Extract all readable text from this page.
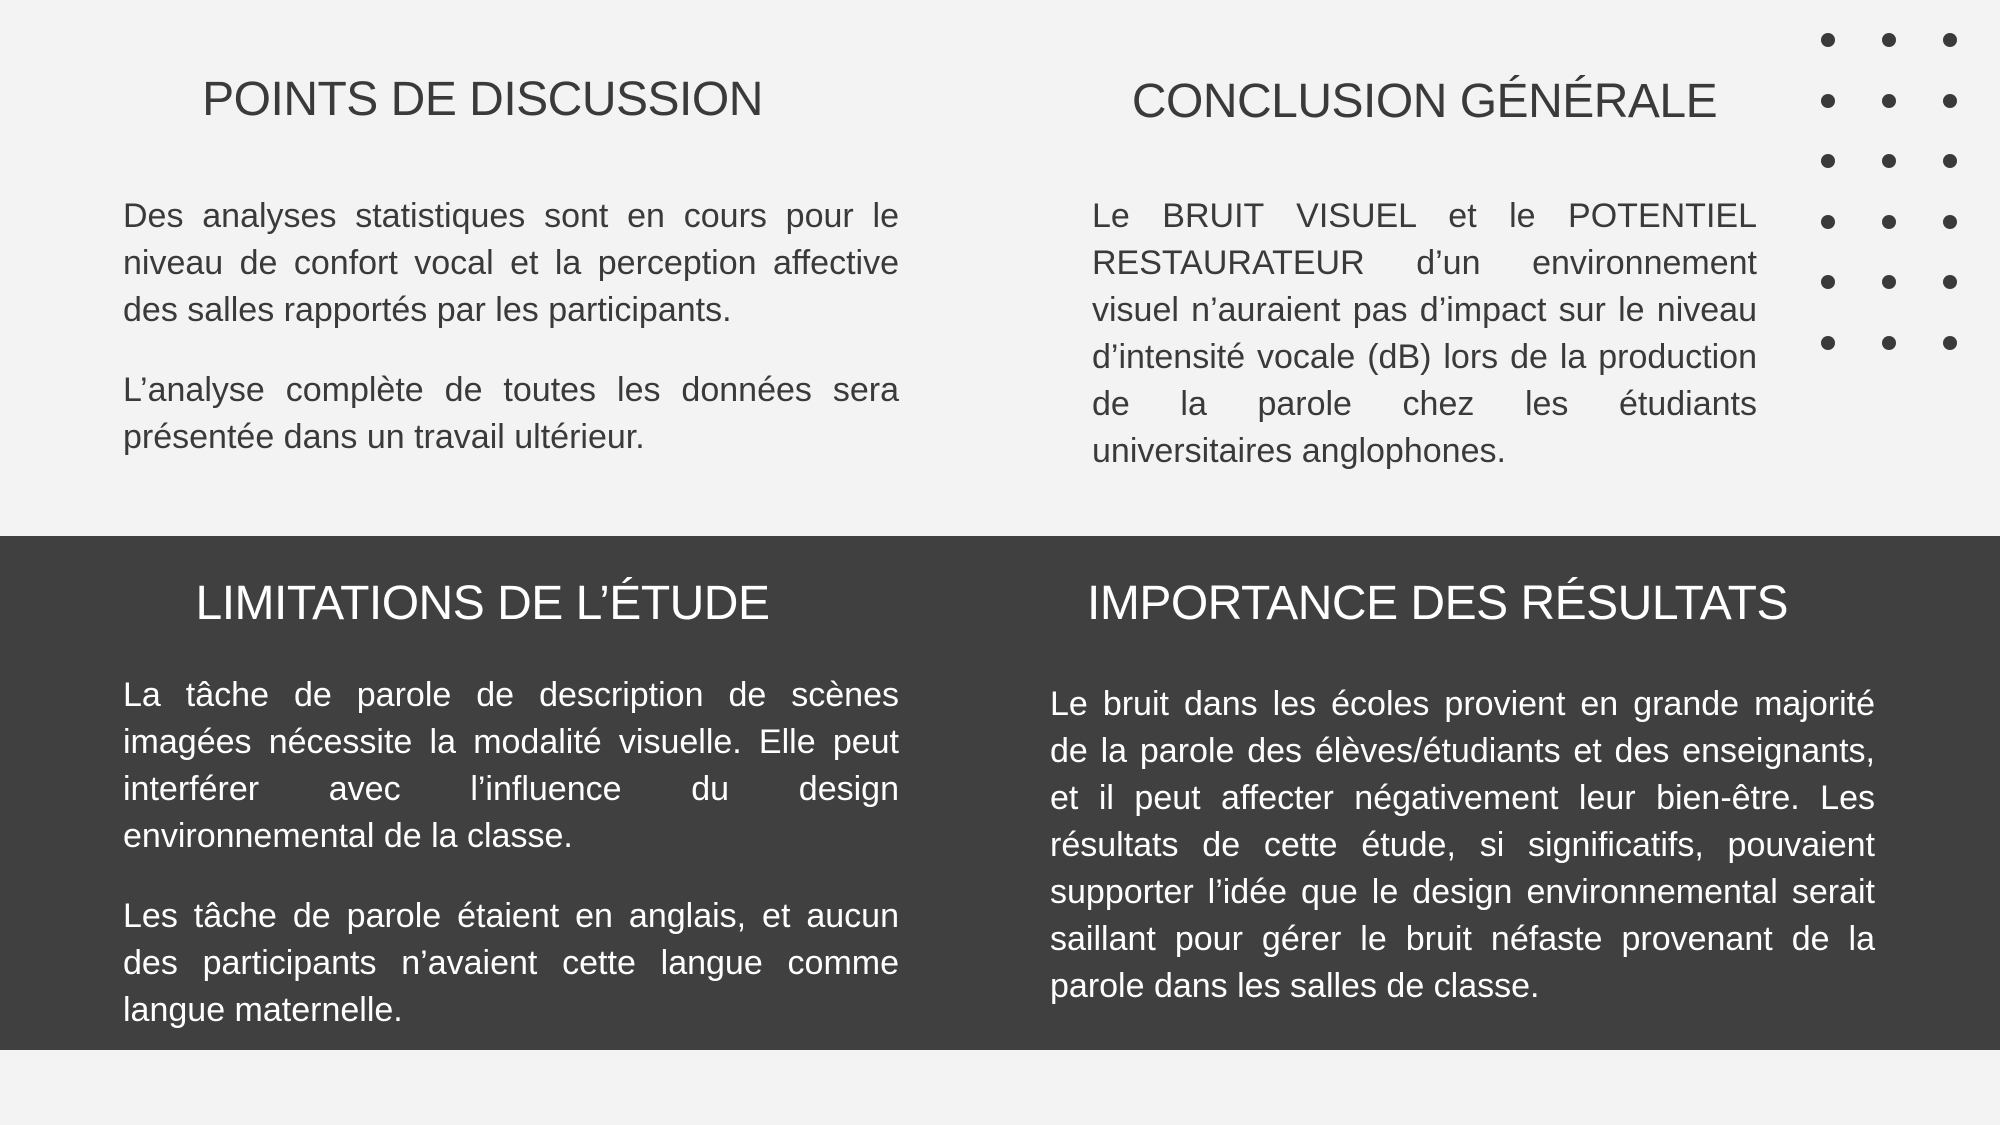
POINTS DE DISCUSSION

Des analyses statistiques sont en cours pour le niveau de confort vocal et la perception affective des salles rapportés par les participants.

L’analyse complète de toutes les données sera présentée dans un travail ultérieur.

CONCLUSION GÉNÉRALE

Le BRUIT VISUEL et le POTENTIEL RESTAURATEUR d’un environnement visuel n’auraient pas d’impact sur le niveau d’intensité vocale (dB) lors de la production de la parole chez les étudiants universitaires anglophones.

LIMITATIONS DE L’ÉTUDE

La tâche de parole de description de scènes imagées nécessite la modalité visuelle. Elle peut interférer avec l’influence du design environnemental de la classe.

Les tâche de parole étaient en anglais, et aucun des participants n’avaient cette langue comme langue maternelle.

IMPORTANCE DES RÉSULTATS

Le bruit dans les écoles provient en grande majorité de la parole des élèves/étudiants et des enseignants, et il peut affecter négativement leur bien-être. Les résultats de cette étude, si significatifs, pouvaient supporter l’idée que le design environnemental serait saillant pour gérer le bruit néfaste provenant de la parole dans les salles de classe.
